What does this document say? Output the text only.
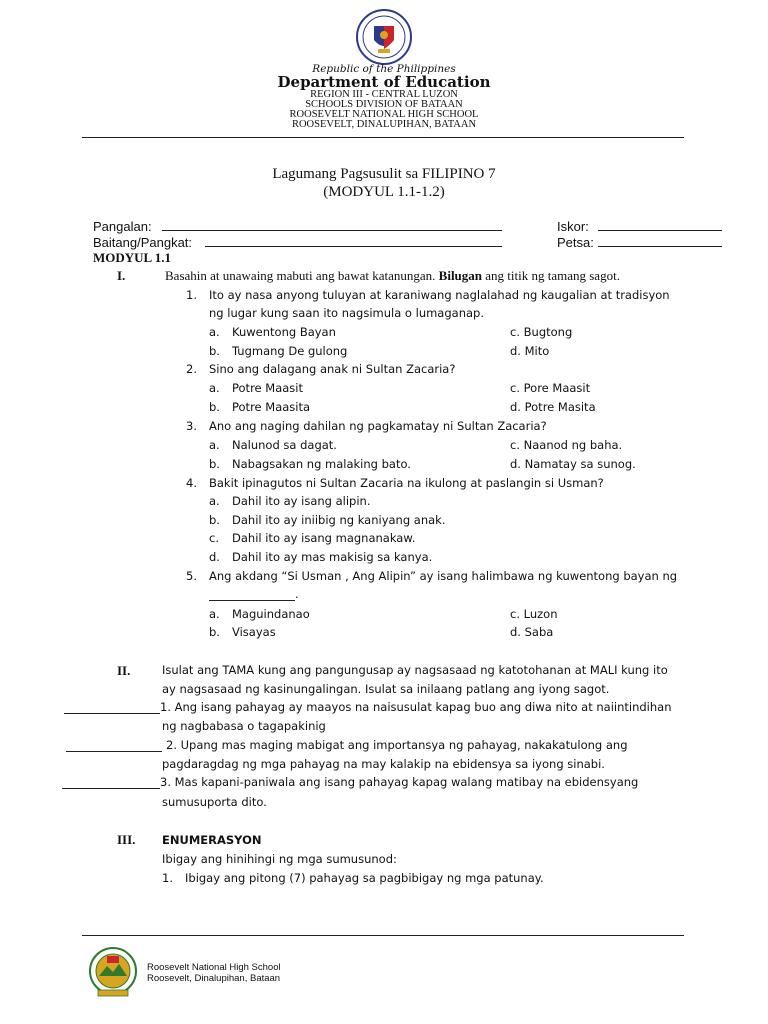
Republic of the Philippines
Department of Education
REGION III - CENTRAL LUZON
SCHOOLS DIVISION OF BATAAN
ROOSEVELT NATIONAL HIGH SCHOOL
ROOSEVELT, DINALUPIHAN, BATAAN
Lagumang Pagsusulit sa FILIPINO 7
(MODYUL 1.1-1.2)
Pangalan:
Baitang/Pangkat:
Iskor:
Petsa:
MODYUL 1.1
I.	Basahin at unawaing mabuti ang bawat katanungan. Bilugan ang titik ng tamang sagot.
1. Ito ay nasa anyong tuluyan at karaniwang naglalahad ng kaugalian at tradisyon
ng lugar kung saan ito nagsimula o lumaganap.
a. Kuwentong Bayan
b. Tugmang De gulong
c. Bugtong
d. Mito
2. Sino ang dalagang anak ni Sultan Zacaria?
a. Potre Maasit
b. Potre Maasita
c. Pore Maasit
d. Potre Masita
3. Ano ang naging dahilan ng pagkamatay ni Sultan Zacaria?
a. Nalunod sa dagat.
b. Nabagsakan ng malaking bato.
c. Naanod ng baha.
d. Namatay sa sunog.
4. Bakit ipinagutos ni Sultan Zacaria na ikulong at paslangin si Usman?
a. Dahil ito ay isang alipin.
b. Dahil ito ay iniibig ng kaniyang anak.
c. Dahil ito ay isang magnanakaw.
d. Dahil ito ay mas makisig sa kanya.
5. Ang akdang “Si Usman , Ang Alipin” ay isang halimbawa ng kuwentong bayan ng
.
a. Maguindanao
b. Visayas
c. Luzon
d. Saba
II.	Isulat ang TAMA kung ang pangungusap ay nagsasaad ng katotohanan at MALI kung ito
ay nagsasaad ng kasinungalingan. Isulat sa inilaang patlang ang iyong sagot.
1. Ang isang pahayag ay maayos na naisusulat kapag buo ang diwa nito at naiintindihan
ng nagbabasa o tagapakinig
2. Upang mas maging mabigat ang importansya ng pahayag, nakakatulong ang
pagdaragdag ng mga pahayag na may kalakip na ebidensya sa iyong sinabi.
3. Mas kapani-paniwala ang isang pahayag kapag walang matibay na ebidensyang
sumusuporta dito.
III. ENUMERASYON
Ibigay ang hinihingi ng mga sumusunod:
1. Ibigay ang pitong (7) pahayag sa pagbibigay ng mga patunay.
Roosevelt National High School
Roosevelt, Dinalupihan, Bataan
